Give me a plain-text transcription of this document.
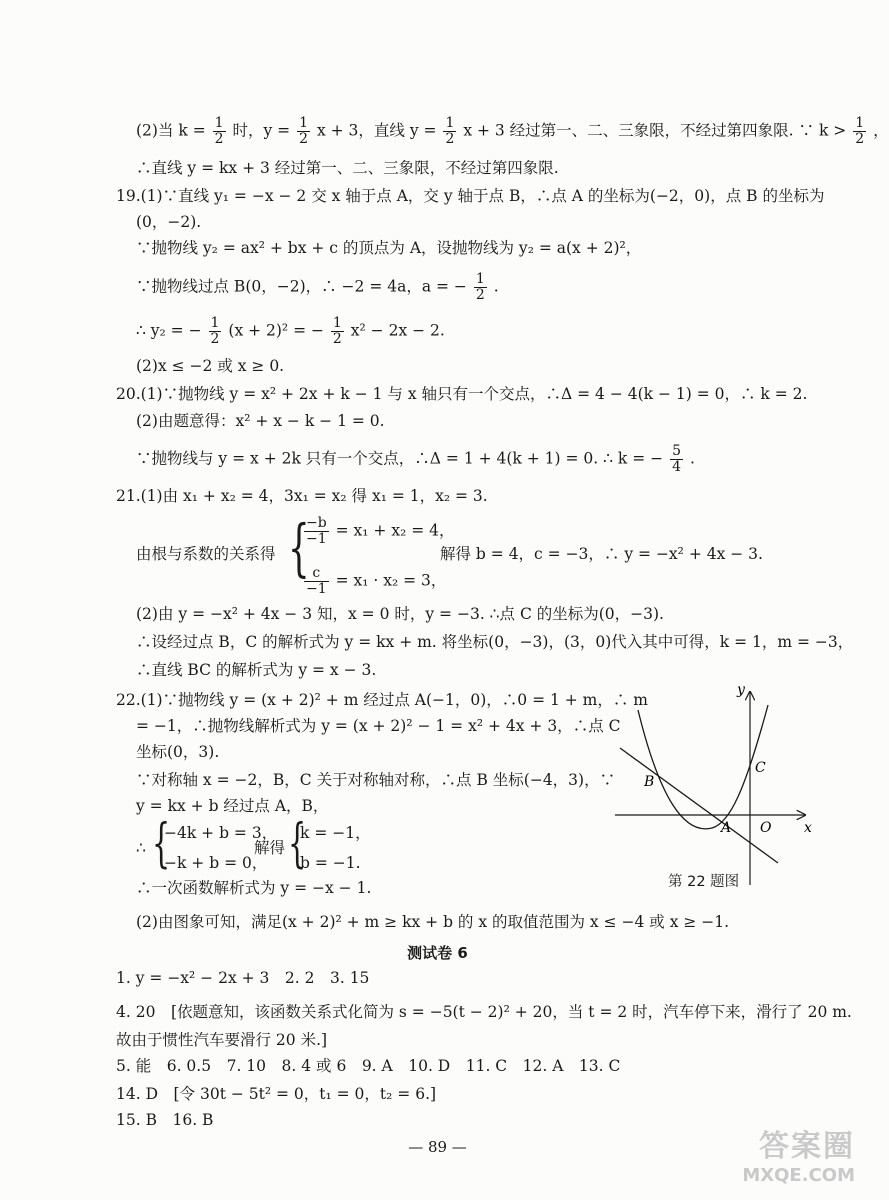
(2)当 $k = \frac{1}{2}$ 时，$y = \frac{1}{2}$ x + 3，直线 $y = \frac{1}{2}$ x + 3 经过第一、二、三象限，不经过第四象限. ∵ $k > \frac{1}{2}$ ，
∴直线 y = kx + 3 经过第一、二、三象限，不经过第四象限.
19.(1)∵直线 y₁ = −x − 2 交 x 轴于点 A，交 y 轴于点 B，∴点 A 的坐标为(−2，0)，点 B 的坐标为
(0，−2).
∵抛物线 y₂ = ax² + bx + c 的顶点为 A，设抛物线为 y₂ = a(x + 2)²，
∵抛物线过点 B(0，−2)，∴ −2 = 4a，a = − $\frac{1}{2}$ .
∴ y₂ = − $\frac{1}{2} (x + 2)^2$ = − $\frac{1}{2} x^2 - 2x - 2$.
(2)x ≤ −2 或 x ≥ 0.
20.(1)∵抛物线 y = x² + 2x + k − 1 与 x 轴只有一个交点，∴Δ = 4 − 4(k − 1) = 0，∴ k = 2.
(2)由题意得：x² + x − k − 1 = 0.
∵抛物线与 y = x + 2k 只有一个交点，∴Δ = 1 + 4(k + 1) = 0. ∴ k = − $\frac{5}{4}$ .
21.(1)由 x₁ + x₂ = 4，3x₁ = x₂ 得 x₁ = 1，x₂ = 3.
由根与系数的关系得 {
$\frac{-b}{-1} = x_1 + x_2 = 4$，
$\frac{c}{-1} = x_1 \cdot x_2 = 3$，
解得 b = 4，c = −3，∴ y = −x² + 4x − 3.
(2)由 y = −x² + 4x − 3 知，x = 0 时，y = −3. ∴点 C 的坐标为(0，−3).
∴设经过点 B，C 的解析式为 y = kx + m. 将坐标(0，−3)，(3，0)代入其中可得，k = 1，m = −3，
∴直线 BC 的解析式为 y = x − 3.
22.(1)∵抛物线 y = (x + 2)² + m 经过点 A(−1，0)，∴0 = 1 + m，∴ m
= −1，∴抛物线解析式为 y = (x + 2)² − 1 = x² + 4x + 3，∴点 C
坐标(0，3).
∵对称轴 x = −2，B，C 关于对称轴对称，∴点 B 坐标(−4，3)，∵
y = kx + b 经过点 A，B，
∴ {
−4k + b = 3，
−k + b = 0，
解得 {
k = −1，
b = −1.
∴一次函数解析式为 y = −x − 1.
(2)由图象可知，满足(x + 2)² + m ≥ kx + b 的 x 的取值范围为 x ≤ −4 或 x ≥ −1.
y
x
O
A
B
C
第 22 题图
测试卷 6
1. y = −x² − 2x + 3　2. 2　3. 15
4. 20　[依题意知，该函数关系式化简为 s = −5(t − 2)² + 20，当 t = 2 时，汽车停下来，滑行了 20 m.
故由于惯性汽车要滑行 20 米.]
5. 能　6. 0.5　7. 10　8. 4 或 6　9. A　10. D　11. C　12. A　13. C
14. D　[令 30t − 5t² = 0，t₁ = 0，t₂ = 6.]
15. B　16. B
— 89 —	答案圈
MXQE.COM
